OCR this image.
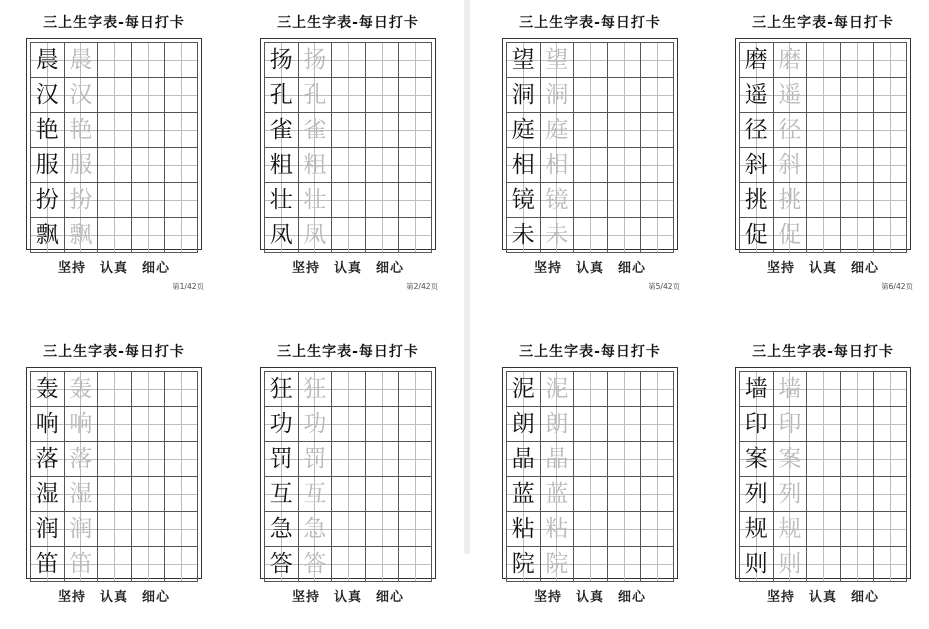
三上生字表-每日打卡
晨 晨
汉 汉
艳 艳
服 服
扮 扮
飘 飘
坚持 认真 细心
第1/42页
三上生字表-每日打卡
扬 扬
孔 孔
雀 雀
粗 粗
壮 壮
凤 凤
坚持 认真 细心
第2/42页
三上生字表-每日打卡
望 望
洞 洞
庭 庭
相 相
镜 镜
未 未
坚持 认真 细心
第5/42页
三上生字表-每日打卡
磨 磨
遥 遥
径 径
斜 斜
挑 挑
促 促
坚持 认真 细心
第6/42页
三上生字表-每日打卡
轰 轰
响 响
落 落
湿 湿
润 润
笛 笛
坚持 认真 细心
三上生字表-每日打卡
狂 狂
功 功
罚 罚
互 互
急 急
答 答
坚持 认真 细心
三上生字表-每日打卡
泥 泥
朗 朗
晶 晶
蓝 蓝
粘 粘
院 院
坚持 认真 细心
三上生字表-每日打卡
墙 墙
印 印
案 案
列 列
规 规
则 则
坚持 认真 细心
